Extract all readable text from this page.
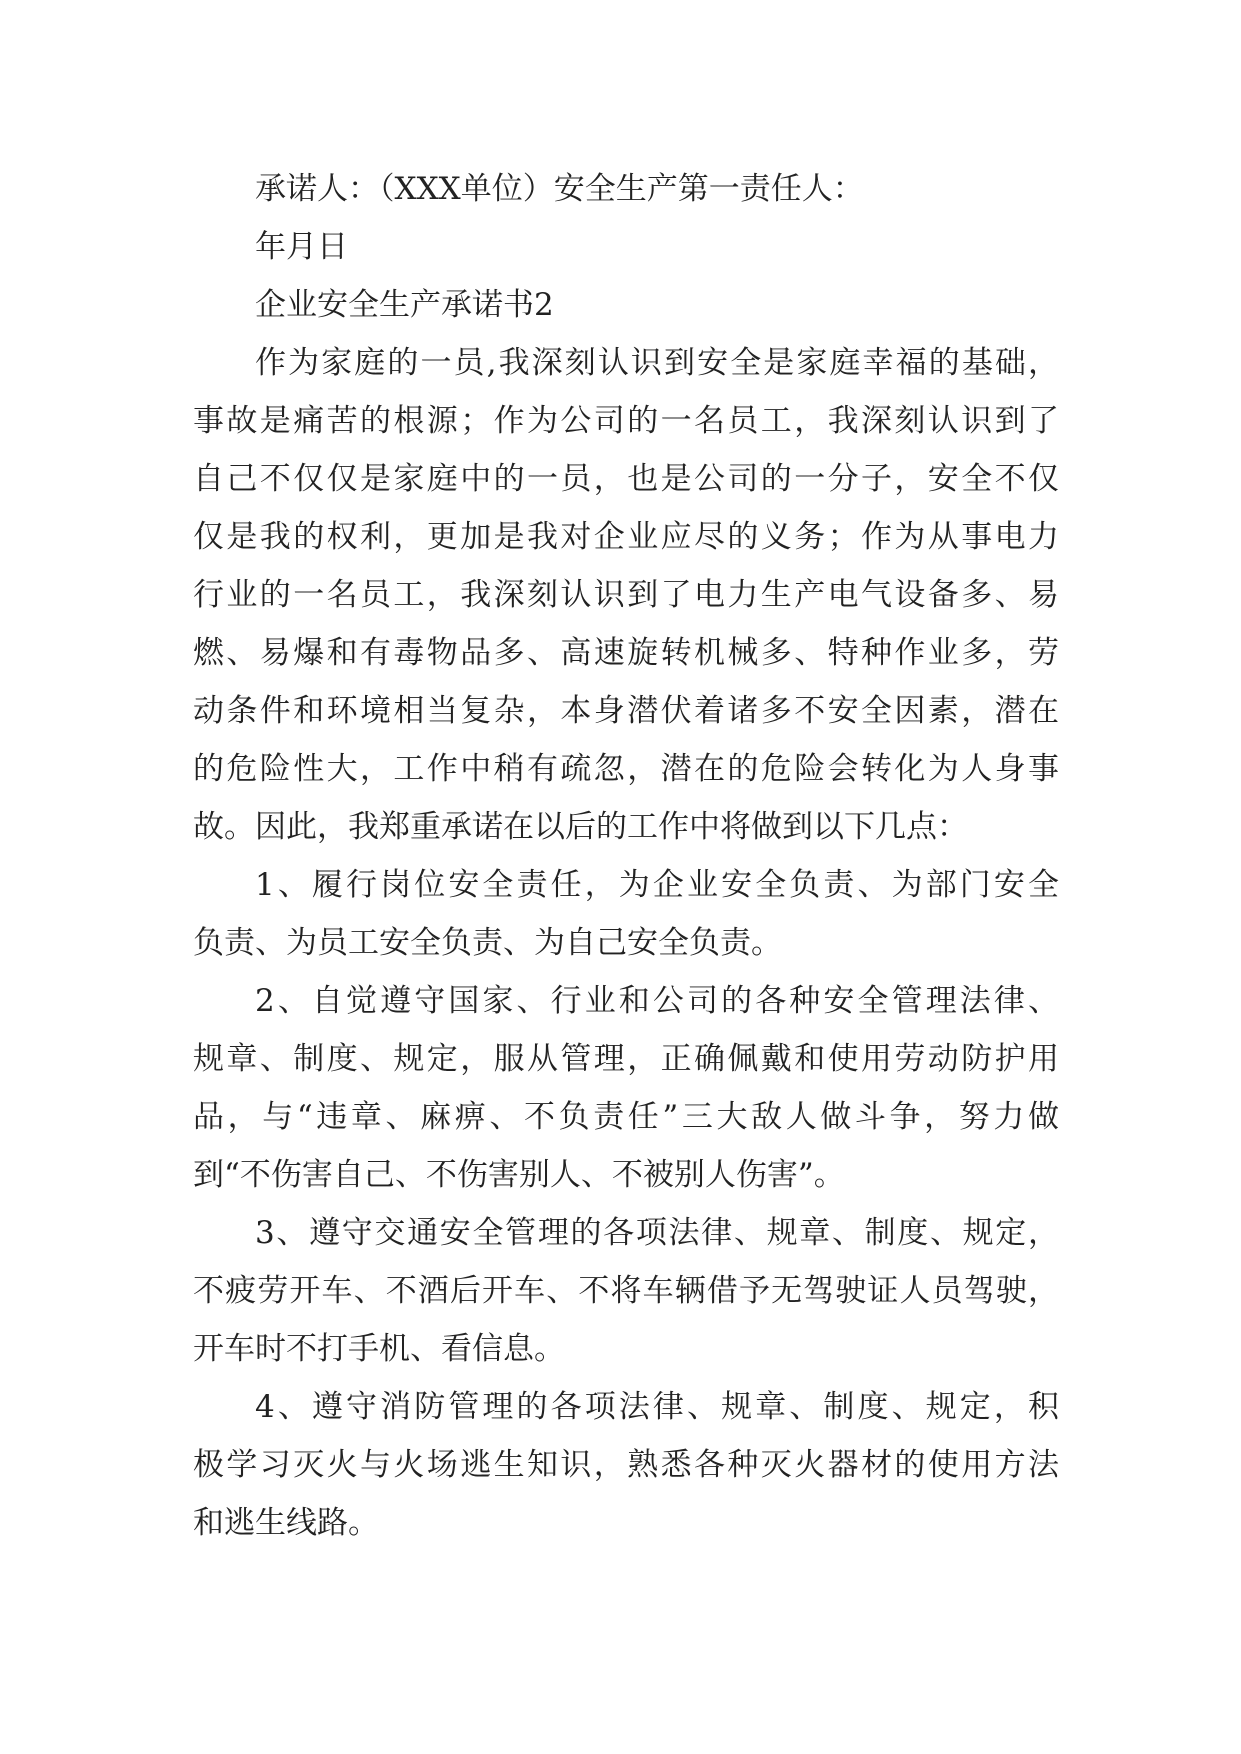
承诺人：（XXX单位）安全生产第一责任人：
年月日
企业安全生产承诺书2
作为家庭的一员,我深刻认识到安全是家庭幸福的基础，
事故是痛苦的根源；作为公司的一名员工，我深刻认识到了
自己不仅仅是家庭中的一员，也是公司的一分子，安全不仅
仅是我的权利，更加是我对企业应尽的义务；作为从事电力
行业的一名员工，我深刻认识到了电力生产电气设备多、易
燃、易爆和有毒物品多、高速旋转机械多、特种作业多，劳
动条件和环境相当复杂，本身潜伏着诸多不安全因素，潜在
的危险性大，工作中稍有疏忽，潜在的危险会转化为人身事
故。因此，我郑重承诺在以后的工作中将做到以下几点：
1、履行岗位安全责任，为企业安全负责、为部门安全
负责、为员工安全负责、为自己安全负责。
2、自觉遵守国家、行业和公司的各种安全管理法律、
规章、制度、规定，服从管理，正确佩戴和使用劳动防护用
品，与“违章、麻痹、不负责任”三大敌人做斗争，努力做
到“不伤害自己、不伤害别人、不被别人伤害”。
3、遵守交通安全管理的各项法律、规章、制度、规定，
不疲劳开车、不酒后开车、不将车辆借予无驾驶证人员驾驶，
开车时不打手机、看信息。
4、遵守消防管理的各项法律、规章、制度、规定，积
极学习灭火与火场逃生知识，熟悉各种灭火器材的使用方法
和逃生线路。
